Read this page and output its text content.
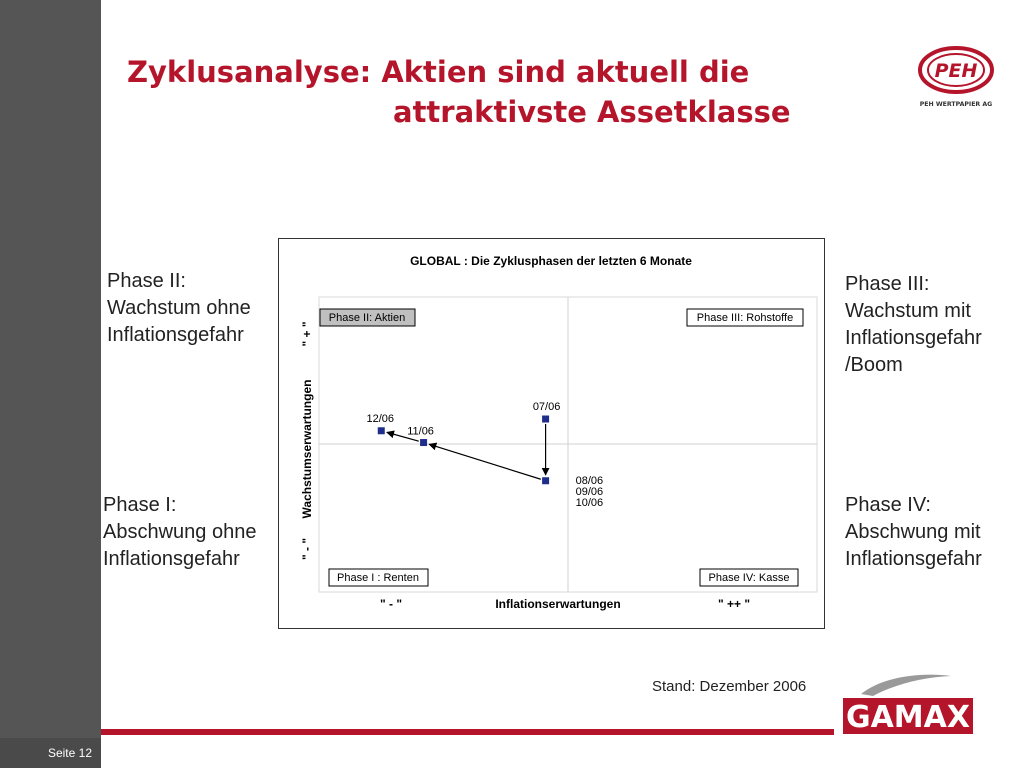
Seite 12
Zyklusanalyse: Aktien sind aktuell die
attraktivste Assetklasse
PEH
PEH WERTPAPIER AG
Phase II:
Wachstum ohne
Inflationsgefahr
Phase I:
Abschwung ohne
Inflationsgefahr
Phase III:
Wachstum mit
Inflationsgefahr
/Boom
Phase IV:
Abschwung mit
Inflationsgefahr
GLOBAL : Die Zyklusphasen der letzten 6 Monate
Phase II: Aktien	Phase III: Rohstoffe
Phase I : Renten	Phase IV: Kasse
07/06
08/06 09/06 10/06
11/06
12/06
" - "	Inflationserwartungen	" ++ "
" - "
Wachstumserwartungen
" + "
Stand: Dezember 2006
GAMAX
